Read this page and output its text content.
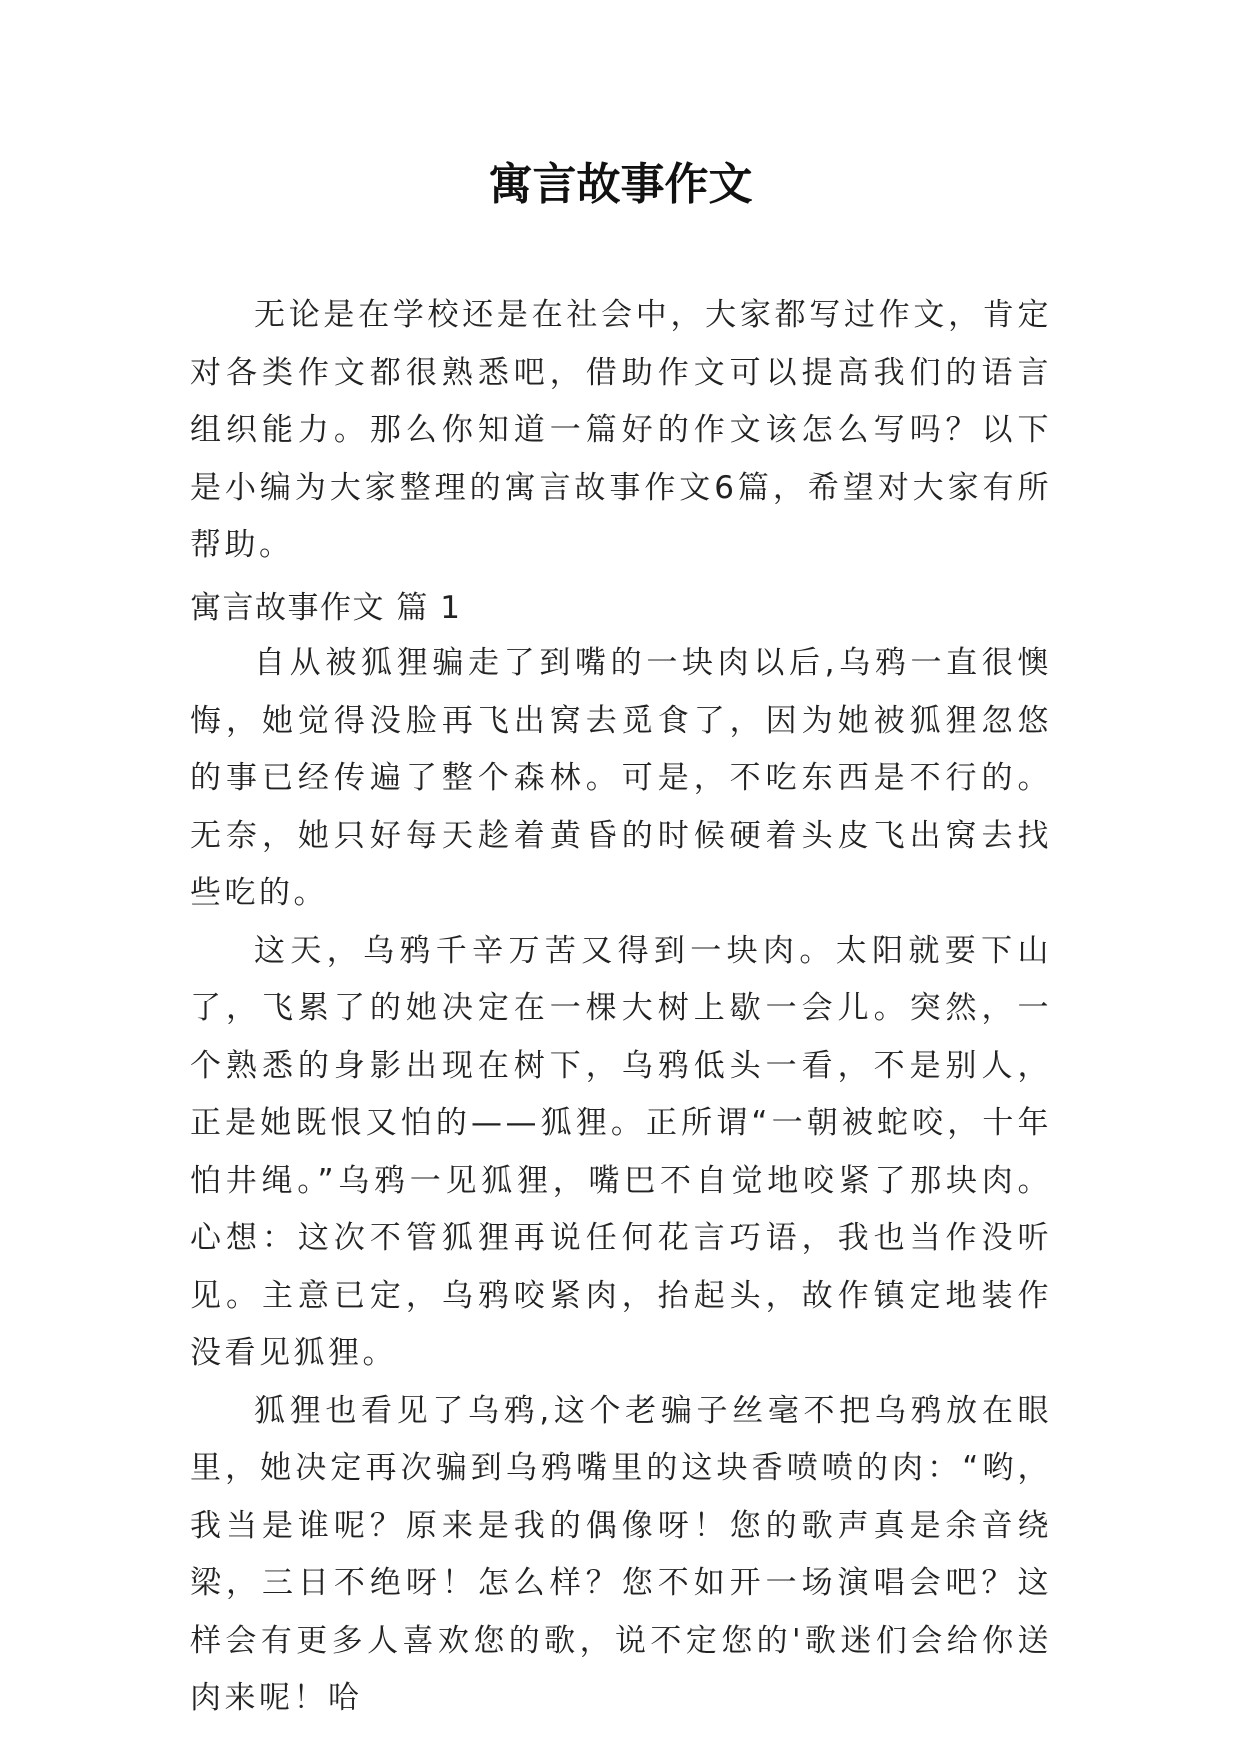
寓言故事作文

无论是在学校还是在社会中，大家都写过作文，肯定对各类作文都很熟悉吧，借助作文可以提高我们的语言组织能力。那么你知道一篇好的作文该怎么写吗？以下是小编为大家整理的寓言故事作文6篇，希望对大家有所帮助。

寓言故事作文 篇 1

自从被狐狸骗走了到嘴的一块肉以后,乌鸦一直很懊悔，她觉得没脸再飞出窝去觅食了，因为她被狐狸忽悠的事已经传遍了整个森林。可是，不吃东西是不行的。无奈，她只好每天趁着黄昏的时候硬着头皮飞出窝去找些吃的。

这天，乌鸦千辛万苦又得到一块肉。太阳就要下山了，飞累了的她决定在一棵大树上歇一会儿。突然，一个熟悉的身影出现在树下，乌鸦低头一看，不是别人，正是她既恨又怕的——狐狸。正所谓“一朝被蛇咬，十年怕井绳。”乌鸦一见狐狸，嘴巴不自觉地咬紧了那块肉。心想：这次不管狐狸再说任何花言巧语，我也当作没听见。主意已定，乌鸦咬紧肉，抬起头，故作镇定地装作没看见狐狸。

狐狸也看见了乌鸦,这个老骗子丝毫不把乌鸦放在眼里，她决定再次骗到乌鸦嘴里的这块香喷喷的肉：“哟，我当是谁呢？原来是我的偶像呀！您的歌声真是余音绕梁，三日不绝呀！怎么样？您不如开一场演唱会吧？这样会有更多人喜欢您的歌，说不定您的'歌迷们会给你送肉来呢！哈
